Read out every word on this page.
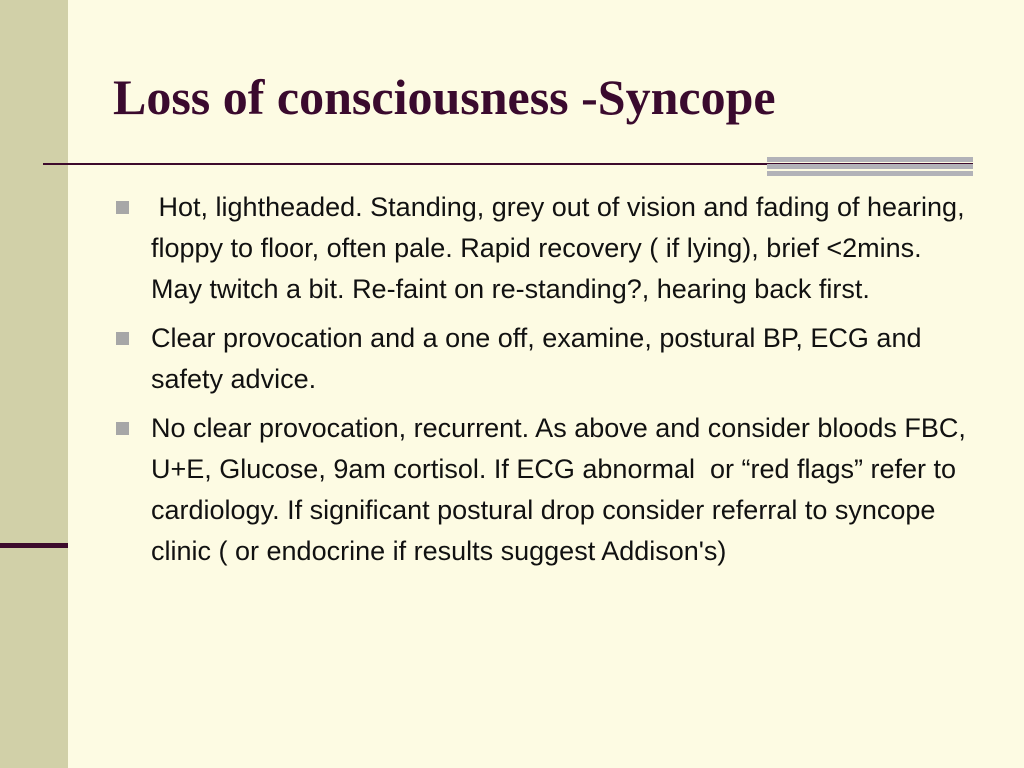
Loss of consciousness -Syncope
Hot, lightheaded. Standing, grey out of vision and fading of hearing, floppy to floor, often pale. Rapid recovery ( if lying), brief <2mins. May twitch a bit. Re-faint on re-standing?, hearing back first.
Clear provocation and a one off, examine, postural BP, ECG and  safety advice.
No clear provocation, recurrent. As above and consider bloods FBC, U+E, Glucose, 9am cortisol. If ECG abnormal  or “red flags” refer to cardiology. If significant postural drop consider referral to syncope clinic ( or endocrine if results suggest Addison's)
